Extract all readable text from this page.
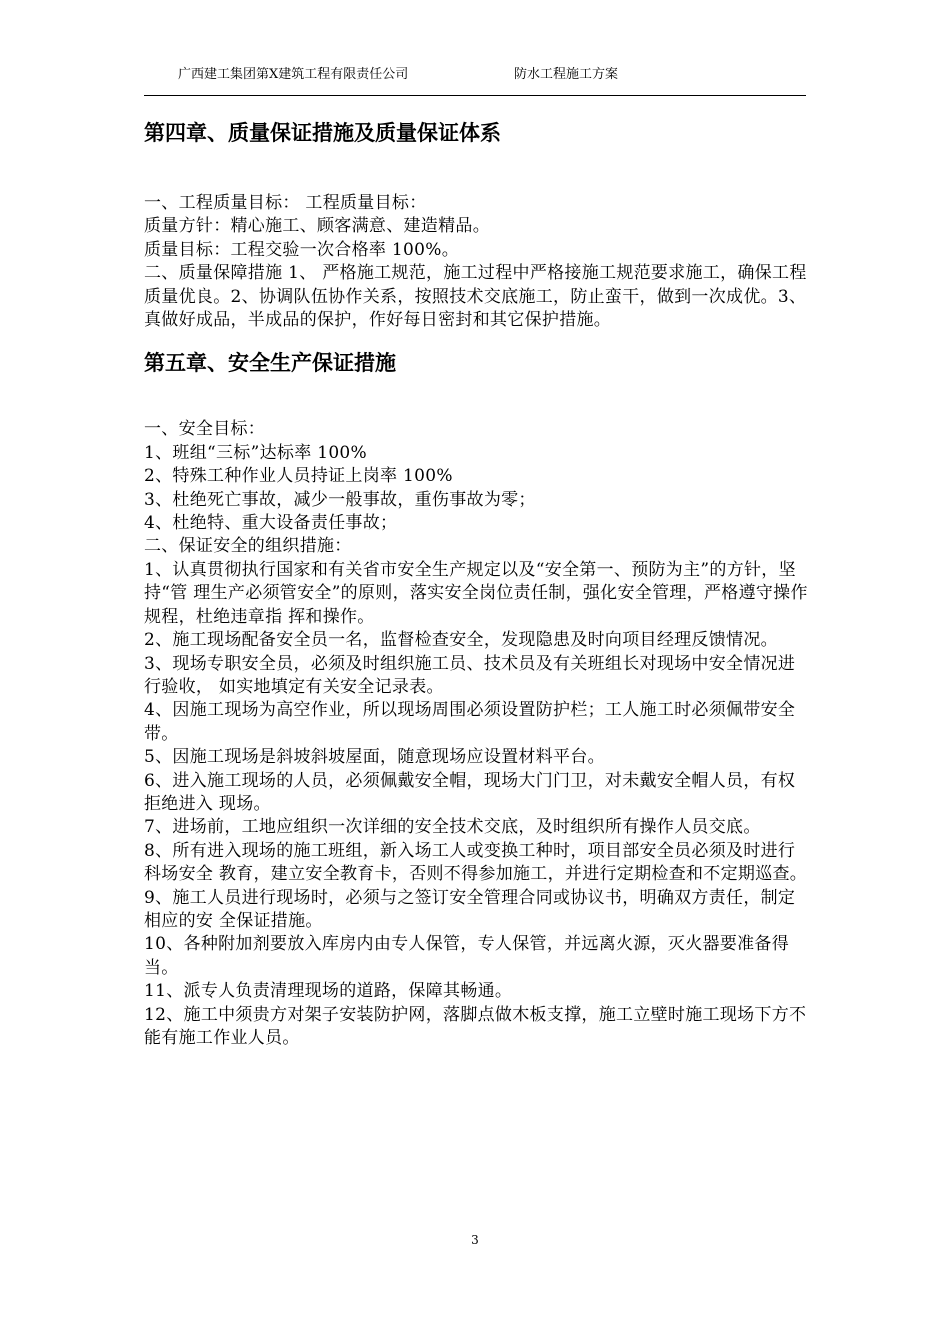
广西建工集团第X建筑工程有限责任公司	防水工程施工方案
第四章、质量保证措施及质量保证体系

一、工程质量目标： 工程质量目标：

质量方针：精心施工、顾客满意、建造精品。

质量目标：工程交验一次合格率 100%。

二、质量保障措施 1、 严格施工规范，施工过程中严格接施工规范要求施工，确保工程质量优良。2、协调队伍协作关系，按照技术交底施工，防止蛮干，做到一次成优。3、真做好成品，半成品的保护，作好每日密封和其它保护措施。

第五章、安全生产保证措施

一、安全目标：

1、班组“三标”达标率 100%

2、特殊工种作业人员持证上岗率 100%

3、杜绝死亡事故，减少一般事故，重伤事故为零；

4、杜绝特、重大设备责任事故；

二、保证安全的组织措施：

1、认真贯彻执行国家和有关省市安全生产规定以及“安全第一、预防为主”的方针，坚持“管 理生产必须管安全”的原则，落实安全岗位责任制，强化安全管理，严格遵守操作规程，杜绝违章指 挥和操作。

2、施工现场配备安全员一名，监督检查安全，发现隐患及时向项目经理反馈情况。

3、现场专职安全员，必须及时组织施工员、技术员及有关班组长对现场中安全情况进行验收， 如实地填定有关安全记录表。

4、因施工现场为高空作业，所以现场周围必须设置防护栏；工人施工时必须佩带安全带。

5、因施工现场是斜坡斜坡屋面，随意现场应设置材料平台。

6、进入施工现场的人员，必须佩戴安全帽，现场大门门卫，对未戴安全帽人员，有权拒绝进入 现场。

7、进场前，工地应组织一次详细的安全技术交底，及时组织所有操作人员交底。

8、所有进入现场的施工班组，新入场工人或变换工种时，项目部安全员必须及时进行科场安全 教育，建立安全教育卡，否则不得参加施工，并进行定期检查和不定期巡查。

9、施工人员进行现场时，必须与之签订安全管理合同或协议书，明确双方责任，制定相应的安 全保证措施。

10、各种附加剂要放入库房内由专人保管，专人保管，并远离火源，灭火器要准备得当。

11、派专人负责清理现场的道路，保障其畅通。

12、施工中须贵方对架子安装防护网，落脚点做木板支撑，施工立壁时施工现场下方不能有施工作业人员。

3
